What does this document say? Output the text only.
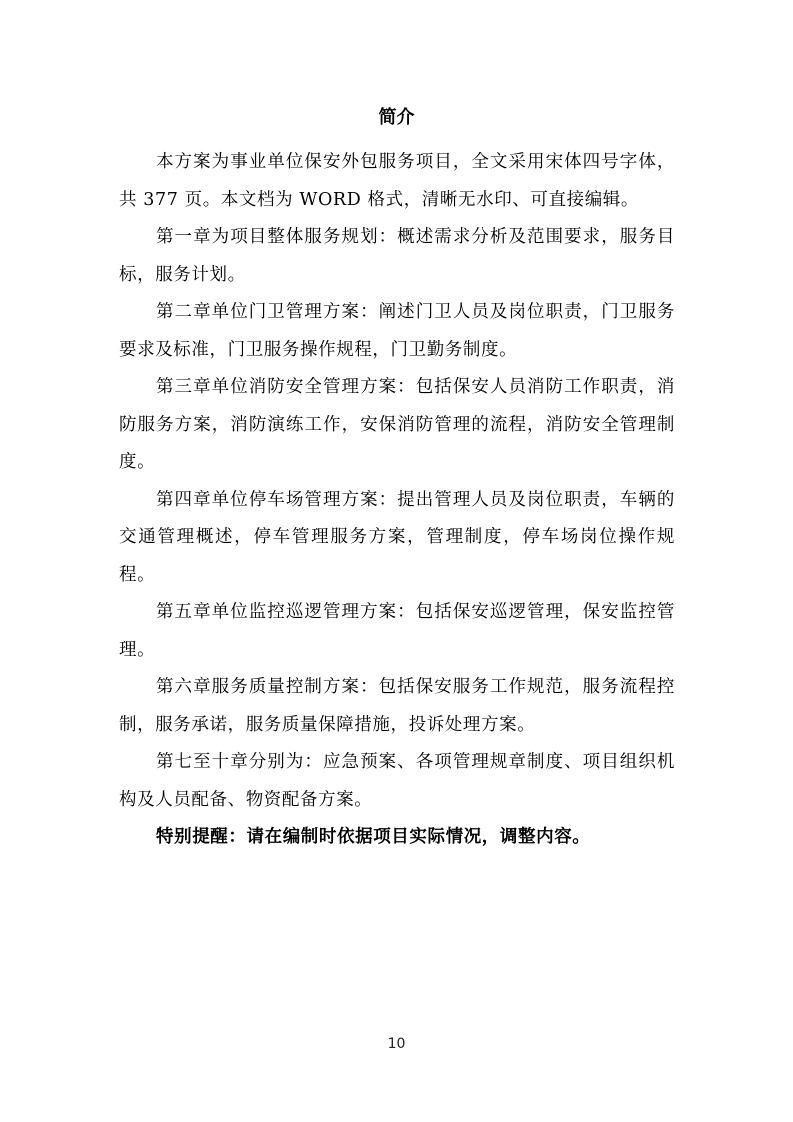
简介

本方案为事业单位保安外包服务项目，全文采用宋体四号字体，共 377 页。本文档为 WORD 格式，清晰无水印、可直接编辑。

第一章为项目整体服务规划：概述需求分析及范围要求，服务目标，服务计划。

第二章单位门卫管理方案：阐述门卫人员及岗位职责，门卫服务要求及标准，门卫服务操作规程，门卫勤务制度。

第三章单位消防安全管理方案：包括保安人员消防工作职责，消防服务方案，消防演练工作，安保消防管理的流程，消防安全管理制度。

第四章单位停车场管理方案：提出管理人员及岗位职责，车辆的交通管理概述，停车管理服务方案，管理制度，停车场岗位操作规程。

第五章单位监控巡逻管理方案：包括保安巡逻管理，保安监控管理。

第六章服务质量控制方案：包括保安服务工作规范，服务流程控制，服务承诺，服务质量保障措施，投诉处理方案。

第七至十章分别为：应急预案、各项管理规章制度、项目组织机构及人员配备、物资配备方案。

特别提醒：请在编制时依据项目实际情况，调整内容。

10
